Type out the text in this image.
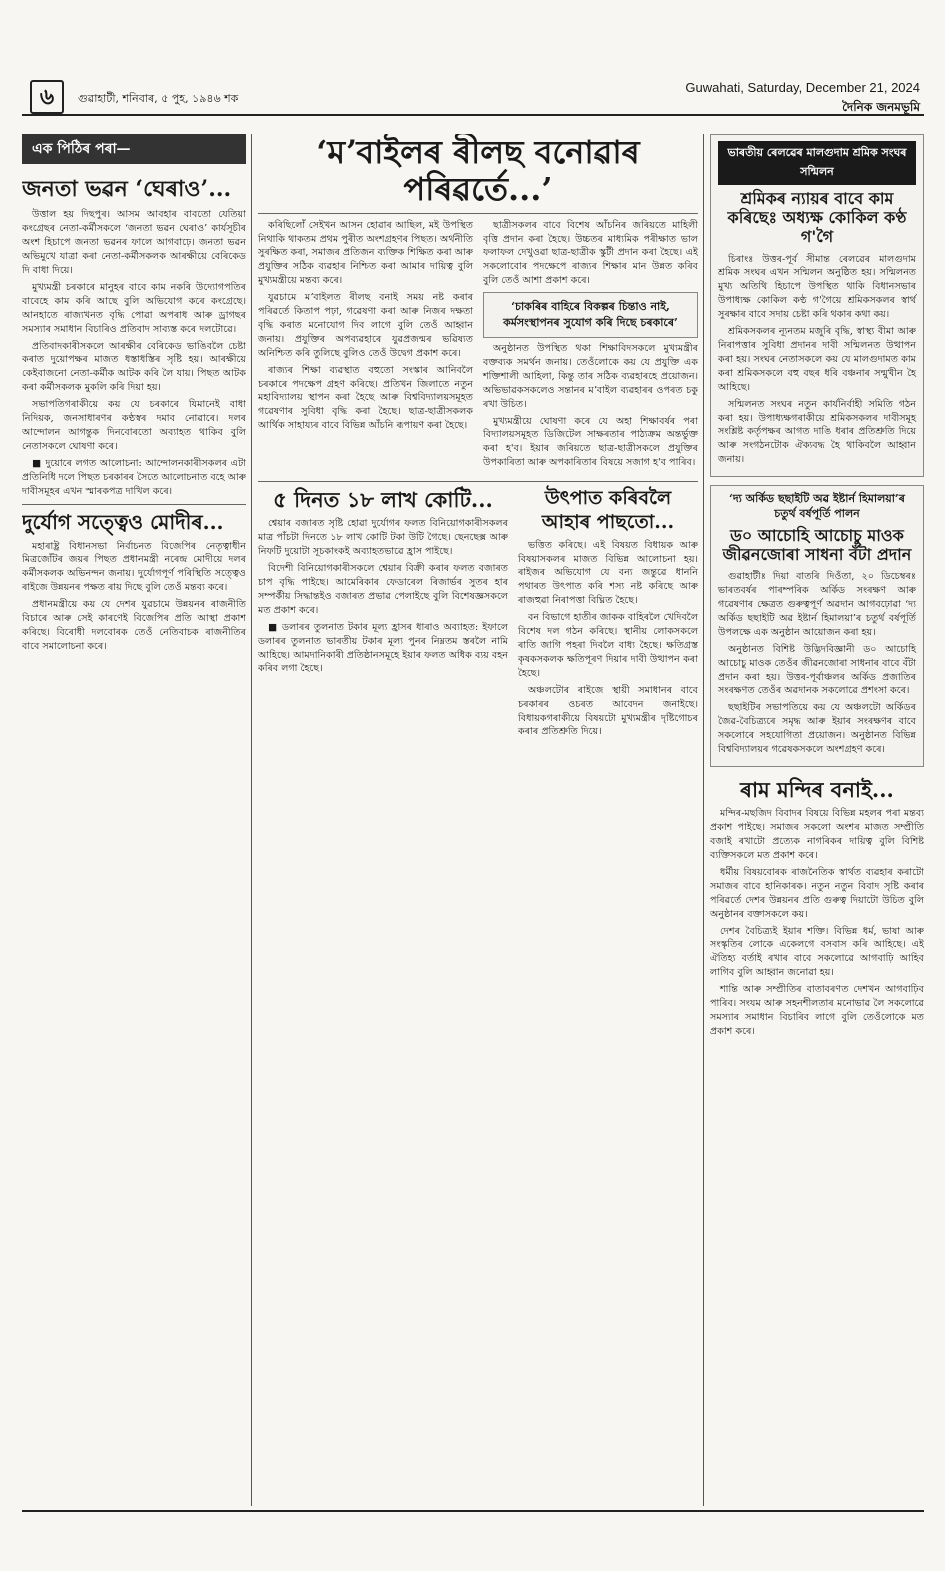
৬	গুৱাহাটী, শনিবাৰ, ৫ পুহ, ১৯৪৬ শক
Guwahati, Saturday, December 21, 2024
দৈনিক জনমভূমি
এক পিঠিৰ পৰা—
জনতা ভৱন ‘ঘেৰাও’...

উত্তাল হয় দিছপুৰ। আসম আবহাৰ বাবতো যেতিয়া কংগ্ৰেছৰ নেতা-কৰ্মীসকলে ‘জনতা ভৱন ঘেৰাও’ কাৰ্যসূচীৰ অংশ হিচাপে জনতা ভৱনৰ ফালে আগবাঢ়ে। জনতা ভৱন অভিমুখে যাত্ৰা কৰা নেতা-কৰ্মীসকলক আৰক্ষীয়ে বেৰিকেড দি বাধা দিয়ে।

মুখ্যমন্ত্ৰী চৰকাৰে মানুহৰ বাবে কাম নকৰি উদ্যোগপতিৰ বাবেহে কাম কৰি আছে বুলি অভিযোগ কৰে কংগ্ৰেছে। আনহাতে ৰাজ্যখনত বৃদ্ধি পোৱা অপৰাধ আৰু ড্ৰাগছৰ সমস্যাৰ সমাধান বিচাৰিও প্ৰতিবাদ সাব্যস্ত কৰে দলটোৱে।

প্ৰতিবাদকাৰীসকলে আৰক্ষীৰ বেৰিকেড ভাঙিবলৈ চেষ্টা কৰাত দুয়োপক্ষৰ মাজত ধস্তাধস্তিৰ সৃষ্টি হয়। আৰক্ষীয়ে কেইবাজনো নেতা-কৰ্মীক আটক কৰি লৈ যায়। পিছত আটক কৰা কৰ্মীসকলক মুকলি কৰি দিয়া হয়।

সভাপতিগৰাকীয়ে কয় যে চৰকাৰে যিমানেই বাধা নিদিয়ক, জনসাধাৰণৰ কণ্ঠস্বৰ দমাব নোৱাৰে। দলৰ আন্দোলন আগন্তুক দিনবোৰতো অব্যাহত থাকিব বুলি নেতাসকলে ঘোষণা কৰে।

■ দুয়োৰে লগত আলোচনা: আন্দোলনকাৰীসকলৰ এটা প্ৰতিনিধি দলে পিছত চৰকাৰৰ সৈতে আলোচনাত বহে আৰু দাবীসমূহৰ এখন স্মাৰকপত্ৰ দাখিল কৰে।

দুৰ্যোগ সত্ত্বেও মোদীৰ...

মহাৰাষ্ট্ৰ বিধানসভা নিৰ্বাচনত বিজেপিৰ নেতৃত্বাধীন মিত্ৰজোঁটৰ জয়ৰ পিছত প্ৰধানমন্ত্ৰী নৰেন্দ্ৰ মোদীয়ে দলৰ কৰ্মীসকলক অভিনন্দন জনায়। দুৰ্যোগপূৰ্ণ পৰিস্থিতি সত্ত্বেও ৰাইজে উন্নয়নৰ পক্ষত ৰায় দিছে বুলি তেওঁ মন্তব্য কৰে।

প্ৰধানমন্ত্ৰীয়ে কয় যে দেশৰ যুৱচামে উন্নয়নৰ ৰাজনীতি বিচাৰে আৰু সেই কাৰণেই বিজেপিৰ প্ৰতি আস্থা প্ৰকাশ কৰিছে। বিৰোধী দলবোৰক তেওঁ নেতিবাচক ৰাজনীতিৰ বাবে সমালোচনা কৰে।

‘মʼবাইলৰ ৰীলছ বনোৱাৰ পৰিৱৰ্তে...’

কৰিছিলোঁ সেইখন আসন হোৱাৰ আছিল, মই উপস্থিত নিথাকি থাকতম প্ৰথম পুৰীত অংশগ্ৰহণৰ পিছত। অৰ্থনীতি সুৰক্ষিত কৰা, সমাজৰ প্ৰতিজন ব্যক্তিক শিক্ষিত কৰা আৰু প্ৰযুক্তিৰ সঠিক ব্যৱহাৰ নিশ্চিত কৰা আমাৰ দায়িত্ব বুলি মুখ্যমন্ত্ৰীয়ে মন্তব্য কৰে।

যুৱচামে মʼবাইলত ৰীলছ বনাই সময় নষ্ট কৰাৰ পৰিৱৰ্তে কিতাপ পঢ়া, গৱেষণা কৰা আৰু নিজৰ দক্ষতা বৃদ্ধি কৰাত মনোযোগ দিব লাগে বুলি তেওঁ আহ্বান জনায়। প্ৰযুক্তিৰ অপব্যৱহাৰে যুৱপ্ৰজন্মৰ ভৱিষ্যত অনিশ্চিত কৰি তুলিছে বুলিও তেওঁ উদ্বেগ প্ৰকাশ কৰে।

ৰাজ্যৰ শিক্ষা ব্যৱস্থাত বহুতো সংস্কাৰ আনিবলৈ চৰকাৰে পদক্ষেপ গ্ৰহণ কৰিছে। প্ৰতিখন জিলাতে নতুন মহাবিদ্যালয় স্থাপন কৰা হৈছে আৰু বিশ্ববিদ্যালয়সমূহত গৱেষণাৰ সুবিধা বৃদ্ধি কৰা হৈছে। ছাত্ৰ-ছাত্ৰীসকলক আৰ্থিক সাহায্যৰ বাবে বিভিন্ন আঁচনি ৰূপায়ণ কৰা হৈছে।

ছাত্ৰীসকলৰ বাবে বিশেষ আঁচনিৰ জৰিয়তে মাহিলী বৃত্তি প্ৰদান কৰা হৈছে। উচ্চতৰ মাধ্যমিক পৰীক্ষাত ভাল ফলাফল দেখুওৱা ছাত্ৰ-ছাত্ৰীক স্কুটী প্ৰদান কৰা হৈছে। এই সকলোবোৰ পদক্ষেপে ৰাজ্যৰ শিক্ষাৰ মান উন্নত কৰিব বুলি তেওঁ আশা প্ৰকাশ কৰে।

‘চাকৰিৰ বাহিৰে বিকল্পৰ চিন্তাও নাই, কৰ্মসংস্থাপনৰ সুযোগ কৰি দিছে চৰকাৰে’

অনুষ্ঠানত উপস্থিত থকা শিক্ষাবিদসকলে মুখ্যমন্ত্ৰীৰ বক্তব্যক সমৰ্থন জনায়। তেওঁলোকে কয় যে প্ৰযুক্তি এক শক্তিশালী আহিলা, কিন্তু তাৰ সঠিক ব্যৱহাৰহে প্ৰয়োজন। অভিভাৱকসকলেও সন্তানৰ মʼবাইল ব্যৱহাৰৰ ওপৰত চকু ৰখা উচিত।

মুখ্যমন্ত্ৰীয়ে ঘোষণা কৰে যে অহা শিক্ষাবৰ্ষৰ পৰা বিদ্যালয়সমূহত ডিজিটেল সাক্ষৰতাৰ পাঠ্যক্ৰম অন্তৰ্ভুক্ত কৰা হ'ব। ইয়াৰ জৰিয়তে ছাত্ৰ-ছাত্ৰীসকলে প্ৰযুক্তিৰ উপকাৰিতা আৰু অপকাৰিতাৰ বিষয়ে সজাগ হ'ব পাৰিব।

৫ দিনত ১৮ লাখ কোটি...

শ্বেয়াৰ বজাৰত সৃষ্টি হোৱা দুৰ্যোগৰ ফলত বিনিয়োগকাৰীসকলৰ মাত্ৰ পাঁচটা দিনতে ১৮ লাখ কোটি টকা উটি গৈছে। ছেনছেক্স আৰু নিফটি দুয়োটা সূচকাংকই অব্যাহতভাৱে হ্ৰাস পাইছে।

বিদেশী বিনিয়োগকাৰীসকলে শ্বেয়াৰ বিক্ৰী কৰাৰ ফলত বজাৰত চাপ বৃদ্ধি পাইছে। আমেৰিকাৰ ফেডাৰেল ৰিজাৰ্ভৰ সুতৰ হাৰ সম্পৰ্কীয় সিদ্ধান্তইও বজাৰত প্ৰভাৱ পেলাইছে বুলি বিশেষজ্ঞসকলে মত প্ৰকাশ কৰে।

■ ডলাৰৰ তুলনাত টকাৰ মূল্য হ্ৰাসৰ ধাৰাও অব্যাহত: ইফালে ডলাৰৰ তুলনাত ভাৰতীয় টকাৰ মূল্য পুনৰ নিম্নতম স্তৰলৈ নামি আহিছে। আমদানিকাৰী প্ৰতিষ্ঠানসমূহে ইয়াৰ ফলত অধিক ব্যয় বহন কৰিব লগা হৈছে।

উৎপাত কৰিবলৈ আহাৰ পাছতো...

ভত্তিত কৰিছে। এই বিষয়ত বিধায়ক আৰু বিষয়াসকলৰ মাজত বিভিন্ন আলোচনা হয়। ৰাইজৰ অভিযোগ যে বন্য জন্তুৱে ধাননি পথাৰত উৎপাত কৰি শস্য নষ্ট কৰিছে আৰু ৰাজহুৱা নিৰাপত্তা বিঘ্নিত হৈছে।

বন বিভাগে হাতীৰ জাকক বাহিৰলৈ খেদিবলৈ বিশেষ দল গঠন কৰিছে। স্থানীয় লোকসকলে ৰাতি জাগি পহৰা দিবলৈ বাধ্য হৈছে। ক্ষতিগ্ৰস্ত কৃষকসকলক ক্ষতিপূৰণ দিয়াৰ দাবী উত্থাপন কৰা হৈছে।

অঞ্চলটোৰ ৰাইজে স্থায়ী সমাধানৰ বাবে চৰকাৰৰ ওচৰত আবেদন জনাইছে। বিধায়কগৰাকীয়ে বিষয়টো মুখ্যমন্ত্ৰীৰ দৃষ্টিগোচৰ কৰাৰ প্ৰতিশ্ৰুতি দিয়ে।

ভাৰতীয় ৰেলৱেৰ মালগুদাম শ্ৰমিক সংঘৰ সন্মিলন
শ্ৰমিকৰ ন্যায়ৰ বাবে কাম কৰিছেঃ অধ্যক্ষ কোকিল কণ্ঠ গ'গৈ

চিৰাংঃ উত্তৰ-পূৰ্ব সীমান্ত ৰেলৱেৰ মালগুদাম শ্ৰমিক সংঘৰ এখন সন্মিলন অনুষ্ঠিত হয়। সন্মিলনত মুখ্য অতিথি হিচাপে উপস্থিত থাকি বিধানসভাৰ উপাধ্যক্ষ কোকিল কণ্ঠ গ'গৈয়ে শ্ৰমিকসকলৰ স্বাৰ্থ সুৰক্ষাৰ বাবে সদায় চেষ্টা কৰি থকাৰ কথা কয়।

শ্ৰমিকসকলৰ ন্যূনতম মজুৰি বৃদ্ধি, স্বাস্থ্য বীমা আৰু নিৰাপত্তাৰ সুবিধা প্ৰদানৰ দাবী সন্মিলনত উত্থাপন কৰা হয়। সংঘৰ নেতাসকলে কয় যে মালগুদামত কাম কৰা শ্ৰমিকসকলে বহু বছৰ ধৰি বঞ্চনাৰ সন্মুখীন হৈ আহিছে।

সন্মিলনত সংঘৰ নতুন কাৰ্যনিৰ্বাহী সমিতি গঠন কৰা হয়। উপাধ্যক্ষগৰাকীয়ে শ্ৰমিকসকলৰ দাবীসমূহ সংশ্লিষ্ট কৰ্তৃপক্ষৰ আগত দাঙি ধৰাৰ প্ৰতিশ্ৰুতি দিয়ে আৰু সংগঠনটোক ঐক্যবদ্ধ হৈ থাকিবলৈ আহ্বান জনায়।

‘দ্য অৰ্কিড ছছাইটি অৱ ইষ্টাৰ্ন হিমালয়া’ৰ চতুৰ্থ বৰ্ষপূৰ্তি পালন
ড০ আচোহি আচোচু মাওক জীৱনজোৰা সাধনা বঁটা প্ৰদান

গুৱাহাটীঃ দিয়া বাতৰি দিওঁতা, ২০ ডিচেম্বৰঃ ভাৰতবৰ্ষৰ পাৰম্পৰিক অৰ্কিড সংৰক্ষণ আৰু গৱেষণাৰ ক্ষেত্ৰত গুৰুত্বপূৰ্ণ অৱদান আগবঢ়োৱা ‘দ্য অৰ্কিড ছছাইটি অৱ ইষ্টাৰ্ন হিমালয়া’ৰ চতুৰ্থ বৰ্ষপূৰ্তি উপলক্ষে এক অনুষ্ঠান আয়োজন কৰা হয়।

অনুষ্ঠানত বিশিষ্ট উদ্ভিদবিজ্ঞানী ড০ আচোহি আচোচু মাওক তেওঁৰ জীৱনজোৰা সাধনাৰ বাবে বঁটা প্ৰদান কৰা হয়। উত্তৰ-পূৰ্বাঞ্চলৰ অৰ্কিড প্ৰজাতিৰ সংৰক্ষণত তেওঁৰ অৱদানক সকলোৱে প্ৰশংসা কৰে।

ছছাইটিৰ সভাপতিয়ে কয় যে অঞ্চলটো অৰ্কিডৰ জৈৱ-বৈচিত্ৰ্যৰে সমৃদ্ধ আৰু ইয়াৰ সংৰক্ষণৰ বাবে সকলোৰে সহযোগিতা প্ৰয়োজন। অনুষ্ঠানত বিভিন্ন বিশ্ববিদ্যালয়ৰ গৱেষকসকলে অংশগ্ৰহণ কৰে।

ৰাম মন্দিৰ বনাই...

মন্দিৰ-মছজিদ বিবাদৰ বিষয়ে বিভিন্ন মহলৰ পৰা মন্তব্য প্ৰকাশ পাইছে। সমাজৰ সকলো অংশৰ মাজত সম্প্ৰীতি বজাই ৰখাটো প্ৰত্যেক নাগৰিকৰ দায়িত্ব বুলি বিশিষ্ট ব্যক্তিসকলে মত প্ৰকাশ কৰে।

ধৰ্মীয় বিষয়বোৰক ৰাজনৈতিক স্বাৰ্থত ব্যৱহাৰ কৰাটো সমাজৰ বাবে হানিকাৰক। নতুন নতুন বিবাদ সৃষ্টি কৰাৰ পৰিৱৰ্তে দেশৰ উন্নয়নৰ প্ৰতি গুৰুত্ব দিয়াটো উচিত বুলি অনুষ্ঠানৰ বক্তাসকলে কয়।

দেশৰ বৈচিত্ৰ্যই ইয়াৰ শক্তি। বিভিন্ন ধৰ্ম, ভাষা আৰু সংস্কৃতিৰ লোকে একেলগে বসবাস কৰি আহিছে। এই ঐতিহ্য বৰ্তাই ৰখাৰ বাবে সকলোৱে আগবাঢ়ি আহিব লাগিব বুলি আহ্বান জনোৱা হয়।

শান্তি আৰু সম্প্ৰীতিৰ বাতাবৰণত দেশখন আগবাঢ়িব পাৰিব। সংযম আৰু সহনশীলতাৰ মনোভাৱ লৈ সকলোৱে সমস্যাৰ সমাধান বিচাৰিব লাগে বুলি তেওঁলোকে মত প্ৰকাশ কৰে।
